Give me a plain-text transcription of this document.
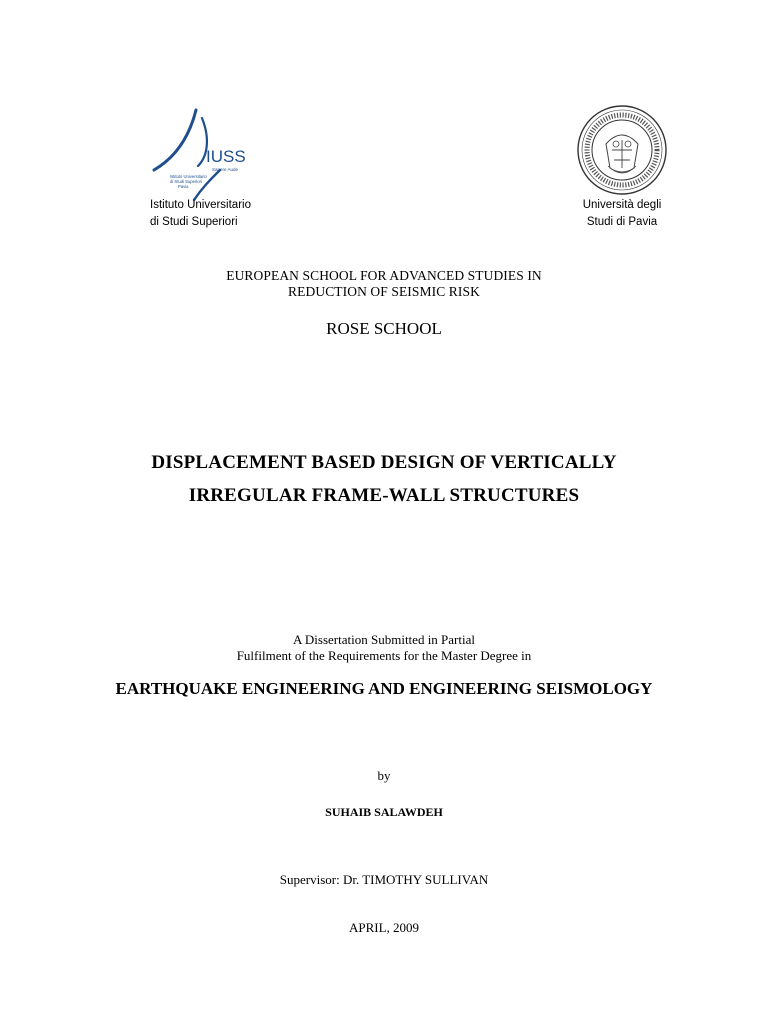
IUSS
Sapere Aude
Istituto Universitario
di Studi Superiori
Pavia
Istituto Universitario
di Studi Superiori
Università degli
Studi di Pavia
EUROPEAN SCHOOL FOR ADVANCED STUDIES IN
REDUCTION OF SEISMIC RISK
ROSE SCHOOL
DISPLACEMENT BASED DESIGN OF VERTICALLY
IRREGULAR FRAME-WALL STRUCTURES
A Dissertation Submitted in Partial
Fulfilment of the Requirements for the Master Degree in
EARTHQUAKE ENGINEERING AND ENGINEERING SEISMOLOGY
by
SUHAIB SALAWDEH
Supervisor: Dr. TIMOTHY SULLIVAN
APRIL, 2009
